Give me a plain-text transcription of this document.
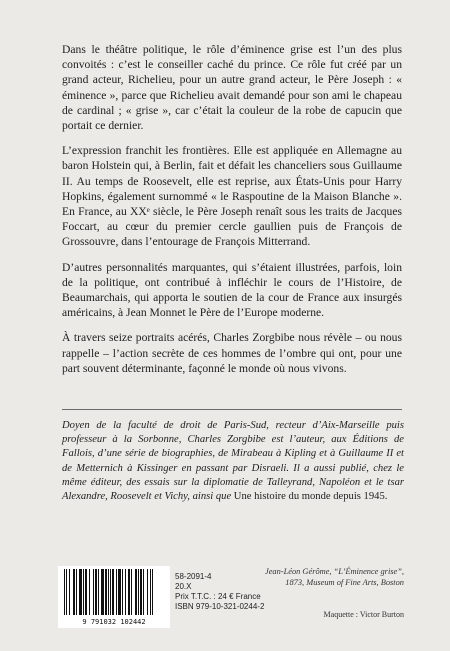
Dans le théâtre politique, le rôle d’éminence grise est l’un des plus convoités : c’est le conseiller caché du prince. Ce rôle fut créé par un grand acteur, Richelieu, pour un autre grand acteur, le Père Joseph : « éminence », parce que Richelieu avait demandé pour son ami le chapeau de cardinal ; « grise », car c’était la couleur de la robe de capucin que portait ce dernier.

L’expression franchit les frontières. Elle est appliquée en Allemagne au baron Holstein qui, à Berlin, fait et défait les chanceliers sous Guillaume II. Au temps de Roosevelt, elle est reprise, aux États-Unis pour Harry Hopkins, également surnommé « le Raspoutine de la Maison Blanche ». En France, au XXᵉ siècle, le Père Joseph renaît sous les traits de Jacques Foccart, au cœur du premier cercle gaullien puis de François de Grossouvre, dans l’entourage de François Mitterrand.

D’autres personnalités marquantes, qui s’étaient illustrées, parfois, loin de la politique, ont contribué à infléchir le cours de l’Histoire, de Beaumarchais, qui apporta le soutien de la cour de France aux insurgés américains, à Jean Monnet le Père de l’Europe moderne.

À travers seize portraits acérés, Charles Zorgbibe nous révèle – ou nous rappelle – l’action secrète de ces hommes de l’ombre qui ont, pour une part souvent déterminante, façonné le monde où nous vivons.

Doyen de la faculté de droit de Paris-Sud, recteur d’Aix-Marseille puis professeur à la Sorbonne, Charles Zorgbibe est l’auteur, aux Éditions de Fallois, d’une série de biographies, de Mirabeau à Kipling et à Guillaume II et de Metternich à Kissinger en passant par Disraeli. Il a aussi publié, chez le même éditeur, des essais sur la diplomatie de Talleyrand, Napoléon et le tsar Alexandre, Roosevelt et Vichy, ainsi que Une histoire du monde depuis 1945.

9 791032 102442
58-2091-4
20.X
Prix T.T.C. : 24 € France
ISBN 979-10-321-0244-2
Jean-Léon Gérôme, “L’Éminence grise”,
1873, Museum of Fine Arts, Boston
Maquette : Victor Burton
